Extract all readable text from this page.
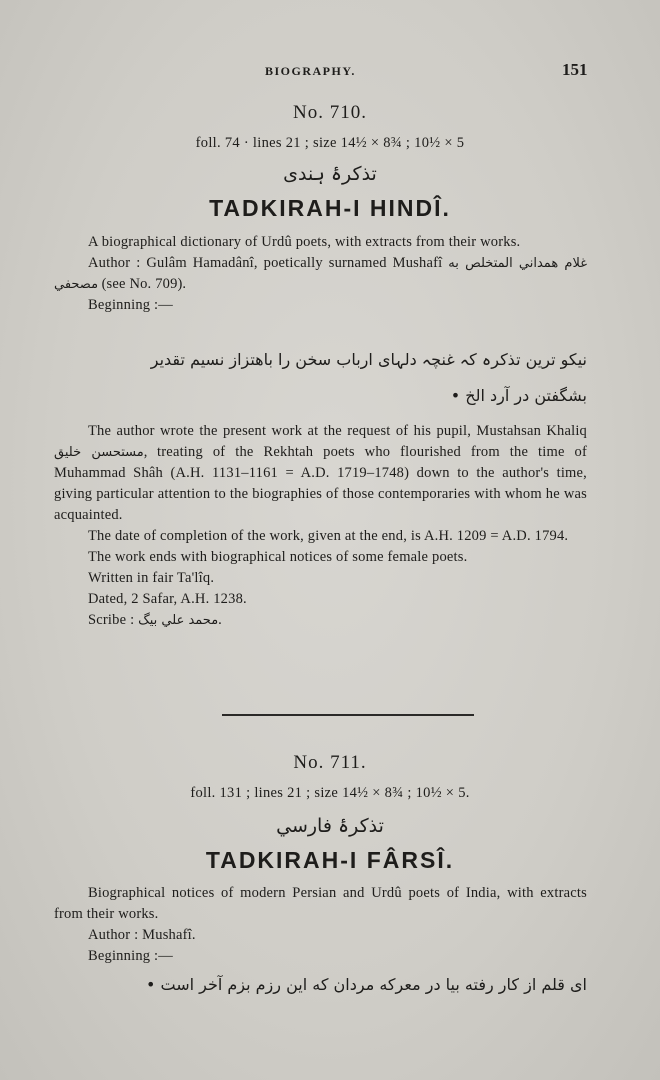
BIOGRAPHY.	151
No. 710.
foll. 74 · lines 21 ; size 14½ × 8¾ ; 10½ × 5
تذکرۂ ہندی
TADKIRAH-I HINDÎ.

A biographical dictionary of Urdû poets, with extracts from their works.

Author : Gulâm Hamadânî, poetically surnamed Mushafî غلام همداني المتخلص به مصحفي (see No. 709).

Beginning :—

نیکو ترین تذکرہ کہ غنچہ دلہای ارباب سخن را باهتزاز نسیم تقدیر
بشگفتن در آرد الخ •

The author wrote the present work at the request of his pupil, Mustahsan Khaliq مستحسن خلیق, treating of the Rekhtah poets who flourished from the time of Muhammad Shâh (A.H. 1131–1161 = A.D. 1719–1748) down to the author's time, giving particular attention to the biographies of those contemporaries with whom he was acquainted.

The date of completion of the work, given at the end, is A.H. 1209 = A.D. 1794.

The work ends with biographical notices of some female poets.

Written in fair Ta'lîq.

Dated, 2 Safar, A.H. 1238.

Scribe : محمد علي بیگ.

No. 711.
foll. 131 ; lines 21 ; size 14½ × 8¾ ; 10½ × 5.
تذکرۂ فارسي
TADKIRAH-I FÂRSÎ.

Biographical notices of modern Persian and Urdû poets of India, with extracts from their works.

Author : Mushafî.

Beginning :—

ای قلم از کار رفته بیا در معرکه مردان که این رزم بزم آخر است •
